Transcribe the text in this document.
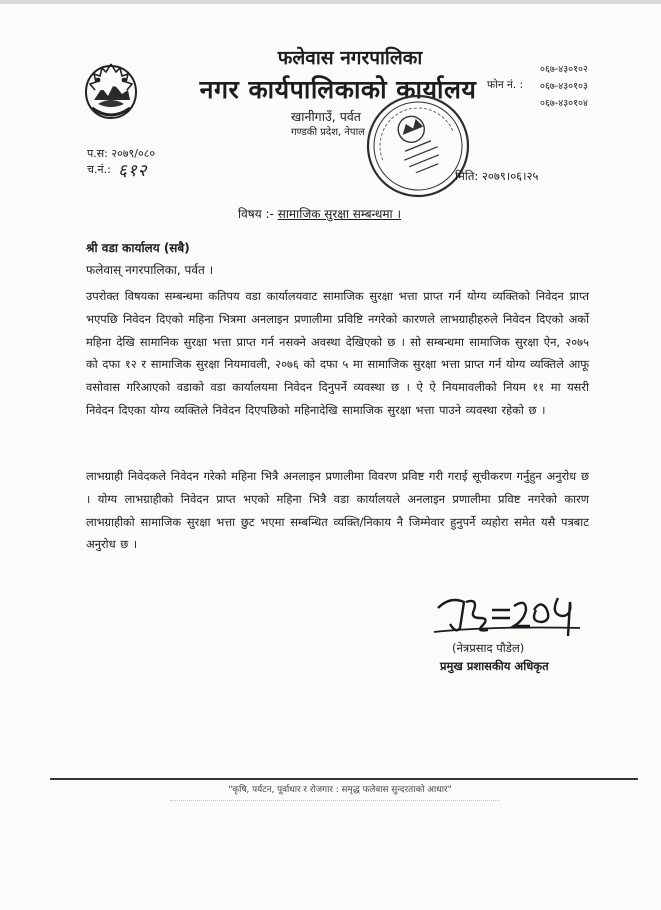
फलेवास नगरपालिका
नगर कार्यपालिकाको कार्यालय
खानीगाउँ, पर्वत
गण्डकी प्रदेश, नेपाल
फोन नं. :
०६७-४३०१०२
०६७-४३०१०३
०६७-४३०१०४
प.स: २०७९/०८०
च.नं.: ६१२	मिति: २०७९।०६।२५
विषय :- सामाजिक सुरक्षा सम्बन्धमा ।
श्री वडा कार्यालय (सबै)
फलेवास् नगरपालिका, पर्वत ।
उपरोक्त विषयका सम्बन्धमा कतिपय वडा कार्यालयवाट सामाजिक सुरक्षा भत्ता प्राप्त गर्न योग्य व्यक्तिको निवेदन प्राप्त भएपछि निवेदन दिएको महिना भित्रमा अनलाइन प्रणालीमा प्रविष्टि नगरेको कारणले लाभग्राहीहरुले निवेदन दिएको अर्को महिना देखि सामानिक सुरक्षा भत्ता प्राप्त गर्न नसक्ने अवस्था देखिएको छ । सो सम्बन्धमा सामाजिक सुरक्षा ऐन, २०७५ को दफा १२ र सामाजिक सुरक्षा नियमावली, २०७६ को दफा ५ मा सामाजिक सुरक्षा भत्ता प्राप्त गर्न योग्य व्यक्तिले आफू वसोवास गरिआएको वडाको वडा कार्यालयमा निवेदन दिनुपर्ने व्यवस्था छ । ऐ ऐ नियमावलीको नियम ११ मा यसरी निवेदन दिएका योग्य व्यक्तिले निवेदन दिएपछिको महिनादेखि सामाजिक सुरक्षा भत्ता पाउने व्यवस्था रहेको छ ।
लाभग्राही निवेदकले निवेदन गरेको महिना भित्रै अनलाइन प्रणालीमा विवरण प्रविष्ट गरी गराई सूचीकरण गर्नुहुन अनुरोध छ । योग्य लाभग्राहीको निवेदन प्राप्त भएको महिना भित्रै वडा कार्यालयले अनलाइन प्रणालीमा प्रविष्ट नगरेको कारण लाभग्राहीको सामाजिक सुरक्षा भत्ता छुट भएमा सम्बन्धित व्यक्ति/निकाय नै जिम्मेवार हुनुपर्ने व्यहोरा समेत यसै पत्रबाट अनुरोध छ ।
(नेत्रप्रसाद पौडेल)
प्रमुख प्रशासकीय अधिकृत
"कृषि, पर्यटन, पूर्वाधार र रोजगार : समृद्ध फलेवास सुन्दरताको आधार"
